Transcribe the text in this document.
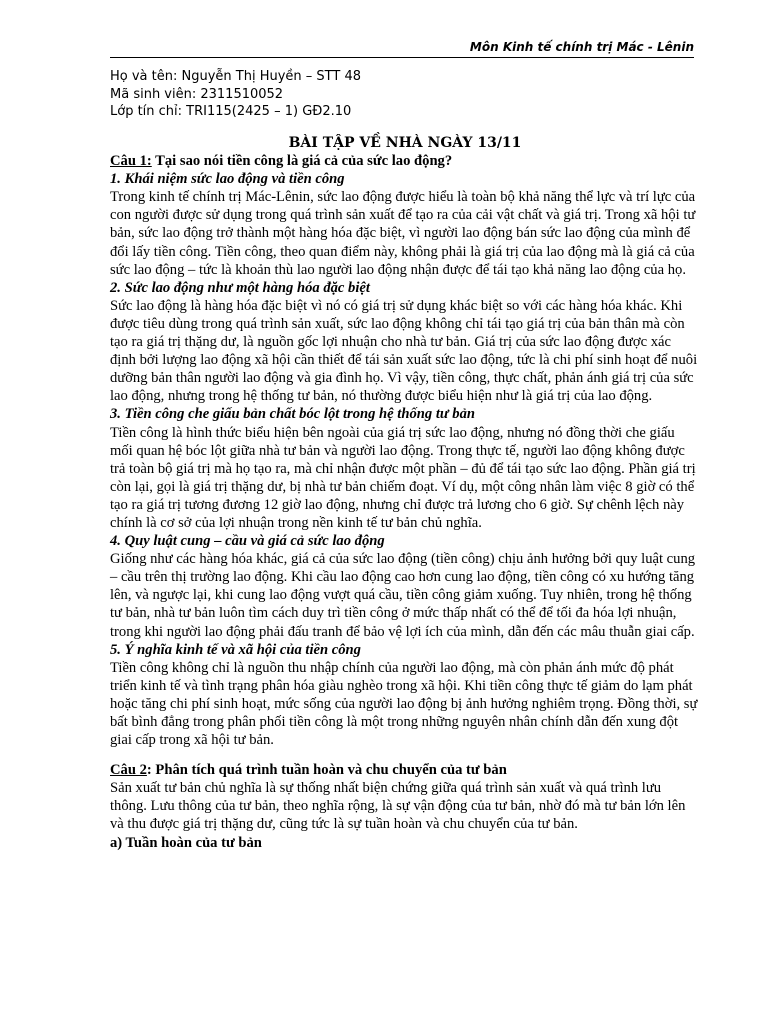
Môn Kinh tế chính trị Mác - Lênin
Họ và tên: Nguyễn Thị Huyền – STT 48
Mã sinh viên: 2311510052
Lớp tín chỉ: TRI115(2425 – 1) GĐ2.10
BÀI TẬP VỀ NHÀ NGÀY 13/11

Câu 1: Tại sao nói tiền công là giá cả của sức lao động?

1. Khái niệm sức lao động và tiền công

Trong kinh tế chính trị Mác-Lênin, sức lao động được hiểu là toàn bộ khả năng thể lực và trí lực của con người được sử dụng trong quá trình sản xuất để tạo ra của cải vật chất và giá trị. Trong xã hội tư bản, sức lao động trở thành một hàng hóa đặc biệt, vì người lao động bán sức lao động của mình để đổi lấy tiền công. Tiền công, theo quan điểm này, không phải là giá trị của lao động mà là giá cả của sức lao động – tức là khoản thù lao người lao động nhận được để tái tạo khả năng lao động của họ.

2. Sức lao động như một hàng hóa đặc biệt

Sức lao động là hàng hóa đặc biệt vì nó có giá trị sử dụng khác biệt so với các hàng hóa khác. Khi được tiêu dùng trong quá trình sản xuất, sức lao động không chỉ tái tạo giá trị của bản thân mà còn tạo ra giá trị thặng dư, là nguồn gốc lợi nhuận cho nhà tư bản. Giá trị của sức lao động được xác định bởi lượng lao động xã hội cần thiết để tái sản xuất sức lao động, tức là chi phí sinh hoạt để nuôi dưỡng bản thân người lao động và gia đình họ. Vì vậy, tiền công, thực chất, phản ánh giá trị của sức lao động, nhưng trong hệ thống tư bản, nó thường được biểu hiện như là giá trị của lao động.

3. Tiền công che giấu bản chất bóc lột trong hệ thống tư bản

Tiền công là hình thức biểu hiện bên ngoài của giá trị sức lao động, nhưng nó đồng thời che giấu mối quan hệ bóc lột giữa nhà tư bản và người lao động. Trong thực tế, người lao động không được trả toàn bộ giá trị mà họ tạo ra, mà chỉ nhận được một phần – đủ để tái tạo sức lao động. Phần giá trị còn lại, gọi là giá trị thặng dư, bị nhà tư bản chiếm đoạt. Ví dụ, một công nhân làm việc 8 giờ có thể tạo ra giá trị tương đương 12 giờ lao động, nhưng chỉ được trả lương cho 6 giờ. Sự chênh lệch này chính là cơ sở của lợi nhuận trong nền kinh tế tư bản chủ nghĩa.

4. Quy luật cung – cầu và giá cả sức lao động

Giống như các hàng hóa khác, giá cả của sức lao động (tiền công) chịu ảnh hưởng bởi quy luật cung – cầu trên thị trường lao động. Khi cầu lao động cao hơn cung lao động, tiền công có xu hướng tăng lên, và ngược lại, khi cung lao động vượt quá cầu, tiền công giảm xuống. Tuy nhiên, trong hệ thống tư bản, nhà tư bản luôn tìm cách duy trì tiền công ở mức thấp nhất có thể để tối đa hóa lợi nhuận, trong khi người lao động phải đấu tranh để bảo vệ lợi ích của mình, dẫn đến các mâu thuẫn giai cấp.

5. Ý nghĩa kinh tế và xã hội của tiền công

Tiền công không chỉ là nguồn thu nhập chính của người lao động, mà còn phản ánh mức độ phát triển kinh tế và tình trạng phân hóa giàu nghèo trong xã hội. Khi tiền công thực tế giảm do lạm phát hoặc tăng chi phí sinh hoạt, mức sống của người lao động bị ảnh hưởng nghiêm trọng. Đồng thời, sự bất bình đẳng trong phân phối tiền công là một trong những nguyên nhân chính dẫn đến xung đột giai cấp trong xã hội tư bản.

Câu 2: Phân tích quá trình tuần hoàn và chu chuyển của tư bản

Sản xuất tư bản chủ nghĩa là sự thống nhất biện chứng giữa quá trình sản xuất và quá trình lưu thông. Lưu thông của tư bản, theo nghĩa rộng, là sự vận động của tư bản, nhờ đó mà tư bản lớn lên và thu được giá trị thặng dư, cũng tức là sự tuần hoàn và chu chuyển của tư bản.

a) Tuần hoàn của tư bản
